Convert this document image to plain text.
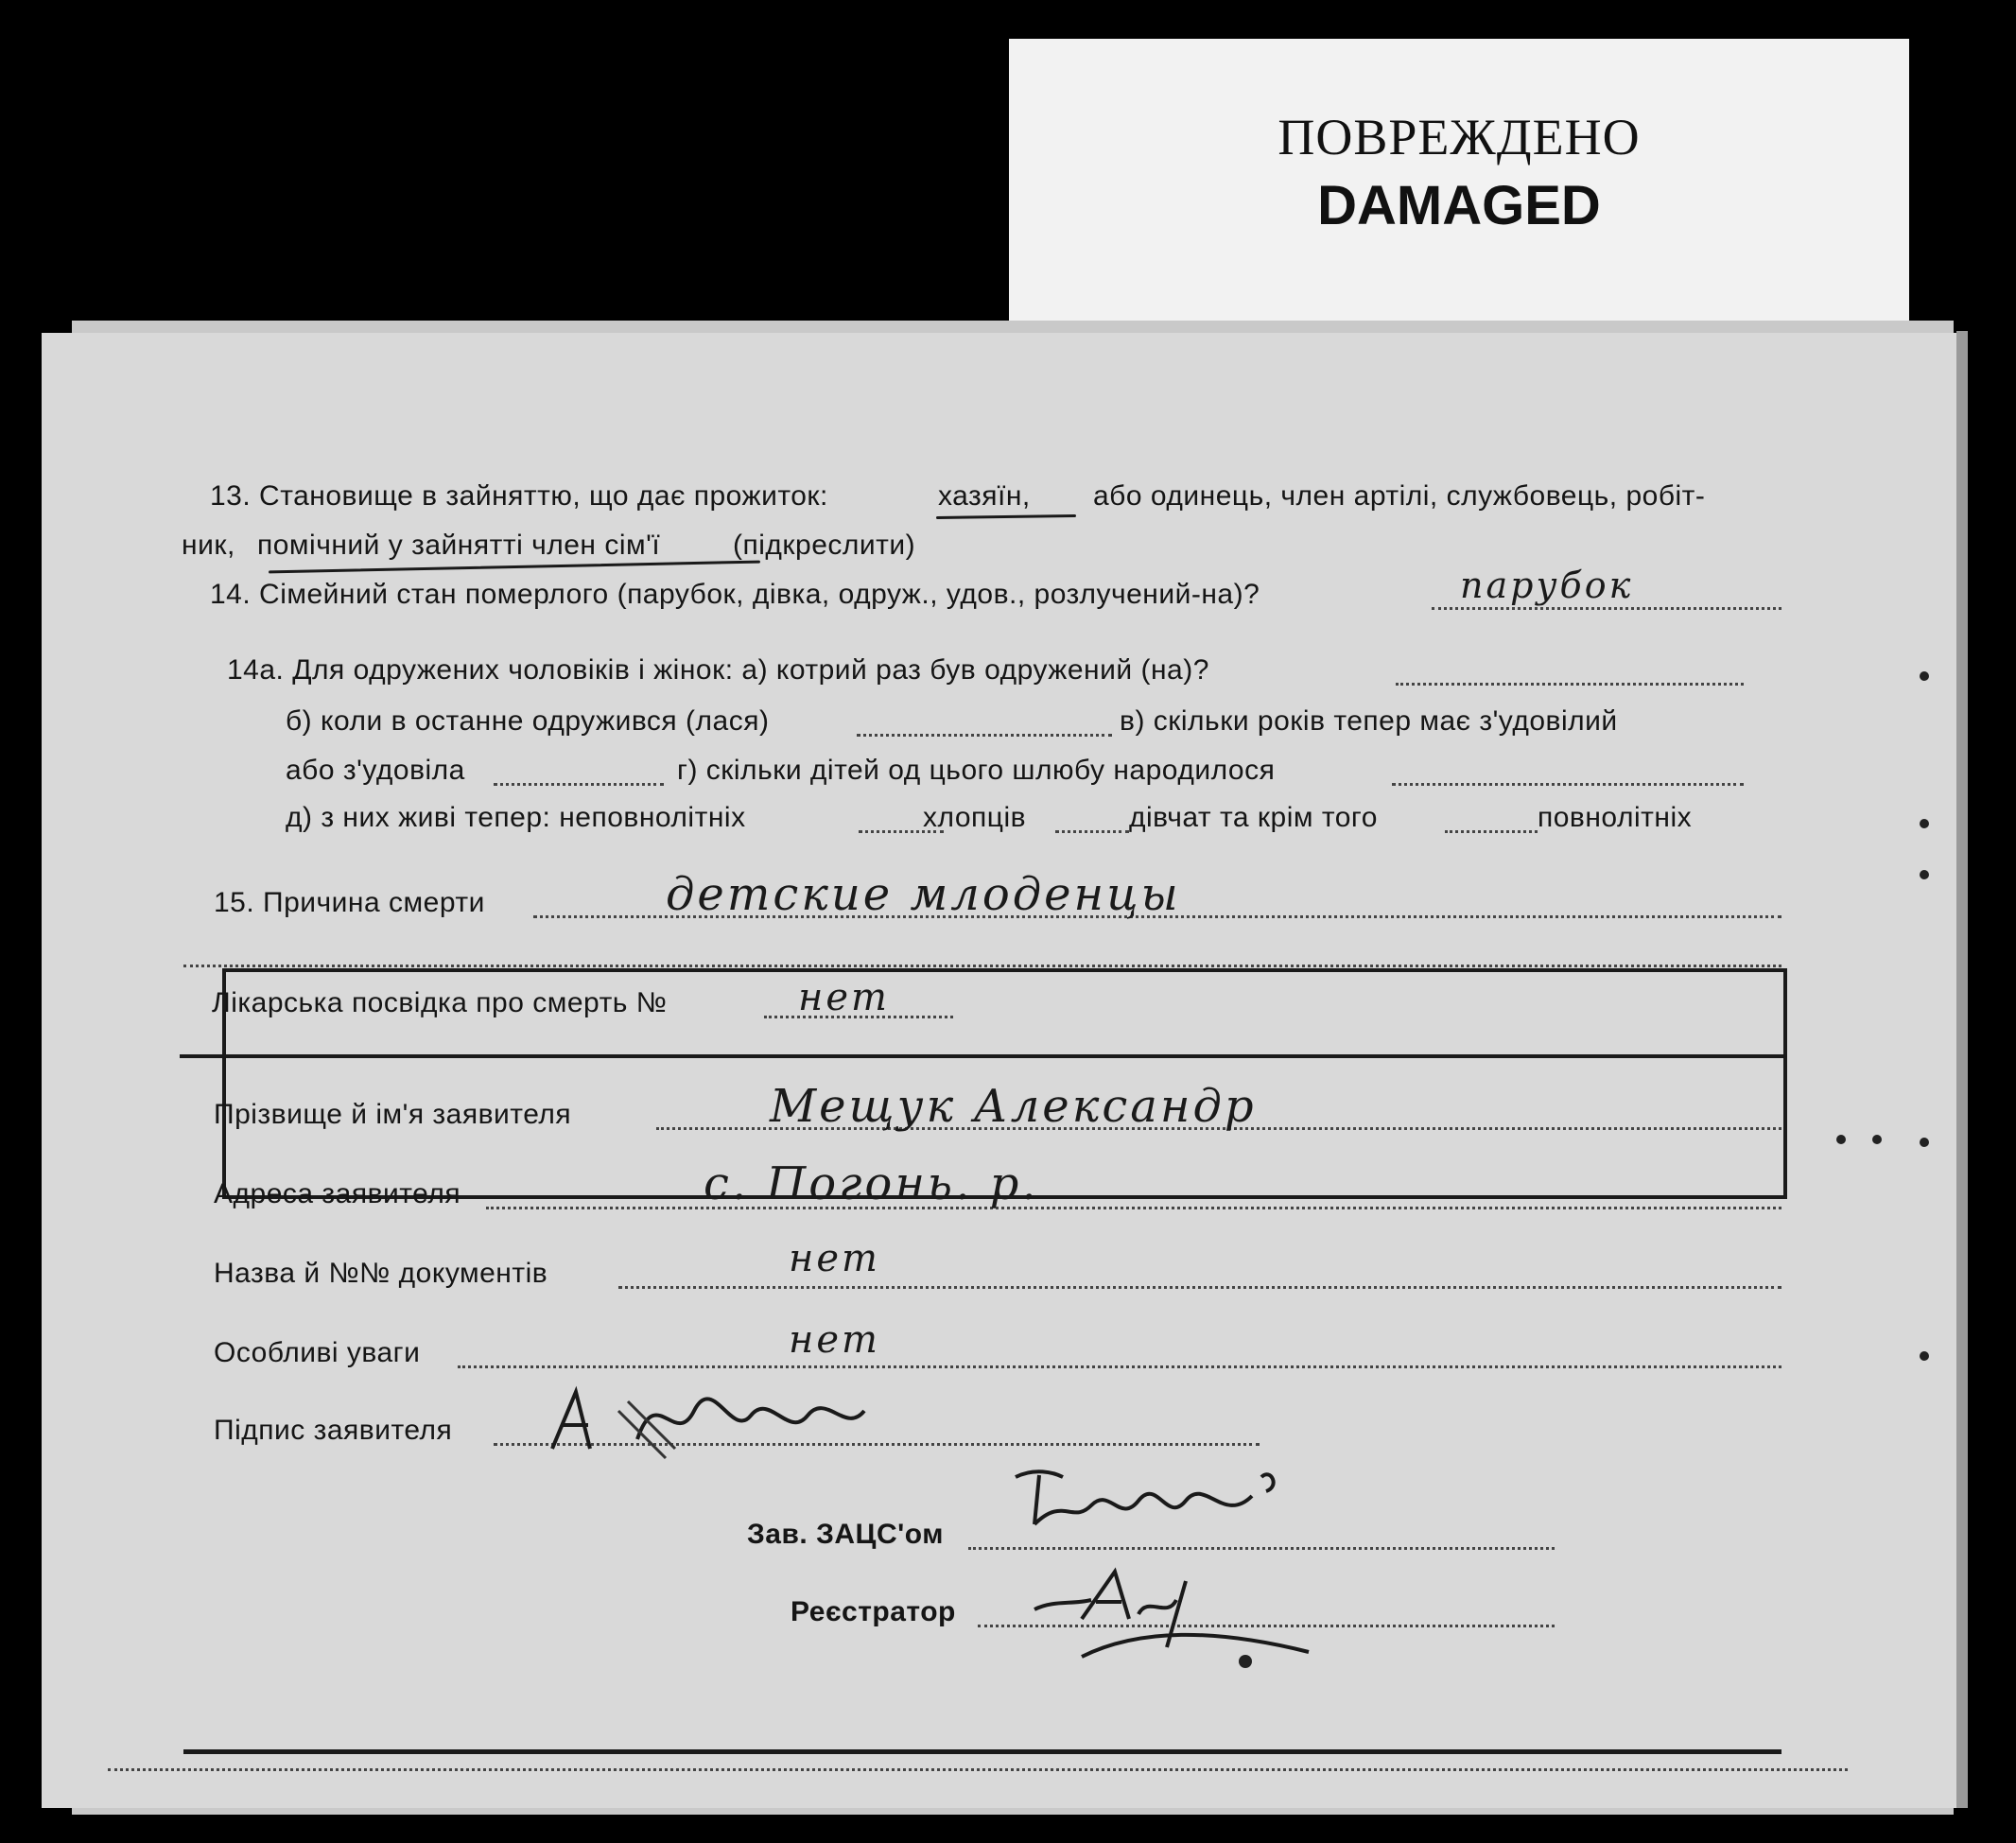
ПОВРЕЖДЕНО
DAMAGED
13. Становище в зайняттю, що дає прожиток:	хазяїн, або одинець, член артілі, службовець, робіт-
ник, помічний у зайнятті член сім'ї	(підкреслити)
14. Сімейний стан померлого (парубок, дівка, одруж., удов., розлучений-на)?	парубок
14а. Для одружених чоловіків і жінок: а) котрий раз був одружений (на)?
б) коли в останне одружився (лася)	в) скільки років тепер має з'удовілий
або з'удовіла	г) скільки дітей од цього шлюбу народилося
д) з них живі тепер: неповнолітніх	хлопців	дівчат та крім того	повнолітніх
15. Причина смерти	детские млоденцы
Лікарська посвідка про смерть №	нет
Прізвище й ім'я заявителя	Мещук Александр
Адреса заявителя	с. Погонь. р.
Назва й №№ документів	нет
Особливі уваги	нет
Підпис заявителя
Зав. ЗАЦС'ом
Реєстратор
